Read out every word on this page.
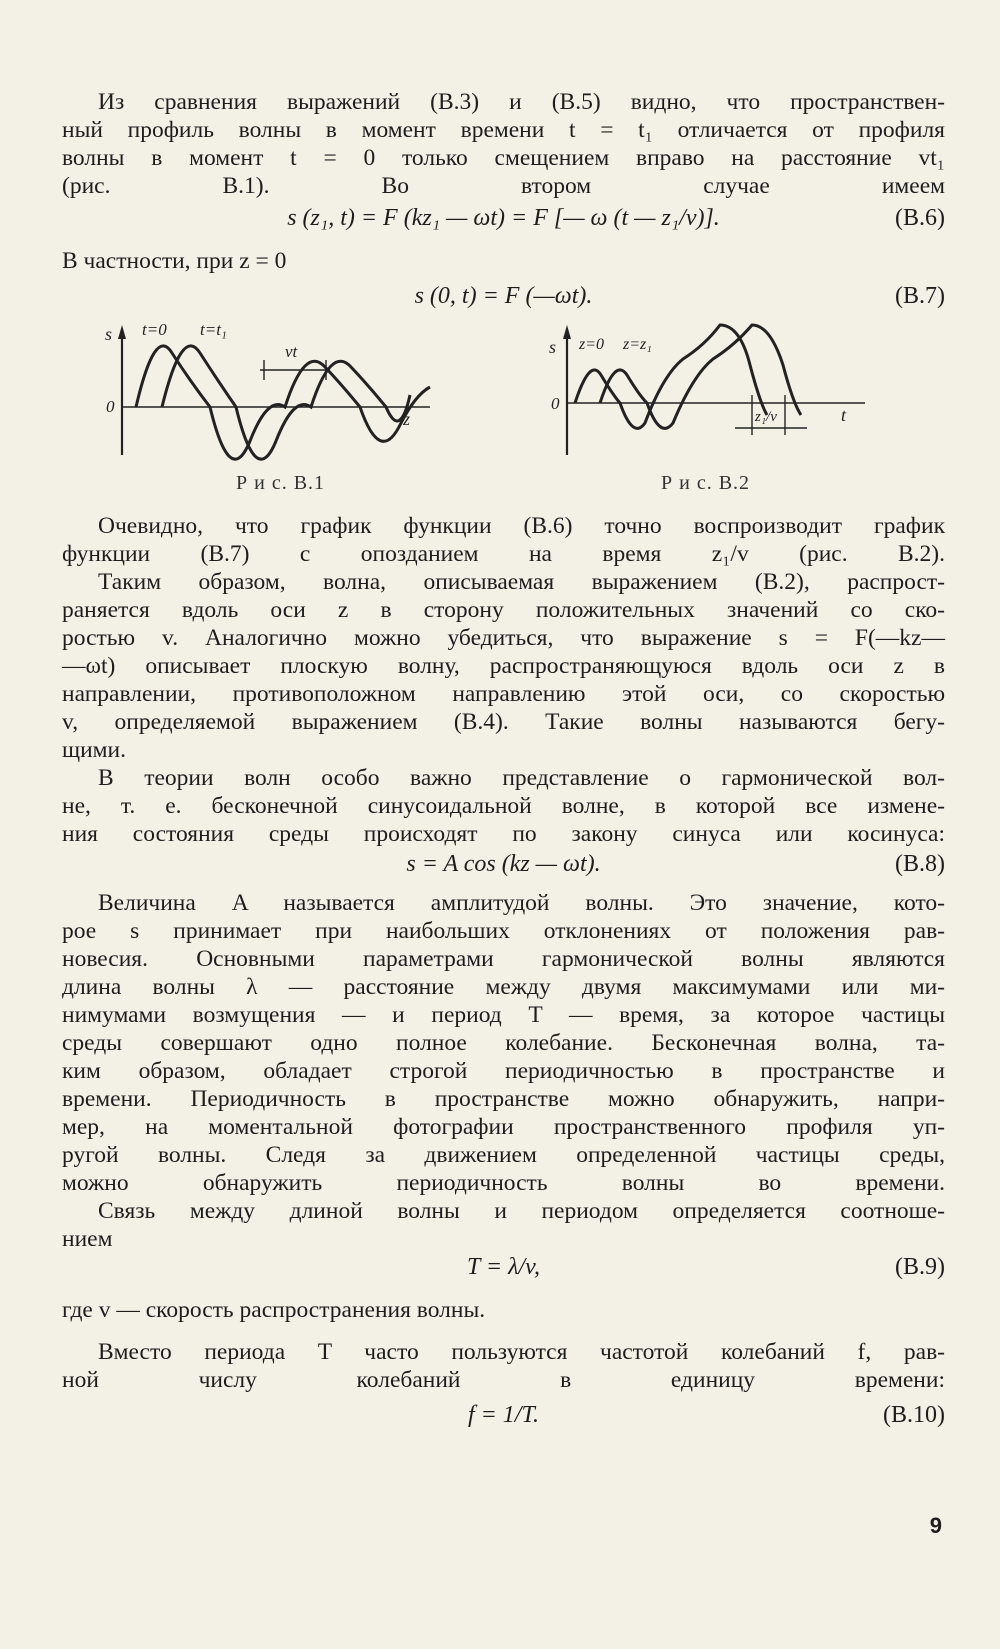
Из сравнения выражений (B.3) и (B.5) видно, что пространствен-
ный профиль волны в момент времени t = t₁ отличается от профиля
волны в момент t = 0 только смещением вправо на расстояние vt₁
(рис. B.1). Во втором случае имеем

s (z₁, t) = F (kz₁ — ωt) = F [— ω (t — z₁/v)].	(B.6)
В частности, при z = 0
s (0, t) = F (—ωt).	(B.7)
s
0
z
t=0 t=t₁
vt
Р и с. B.1
s
0
t
z=0 z=z₁
z₁/v
Р и с. B.2

Очевидно, что график функции (B.6) точно воспроизводит график
функции (B.7) с опозданием на время z₁/v (рис. B.2).

Таким образом, волна, описываемая выражением (B.2), распрост-
раняется вдоль оси z в сторону положительных значений со ско-
ростью v. Аналогично можно убедиться, что выражение s = F(—kz—
—ωt) описывает плоскую волну, распространяющуюся вдоль оси z в
направлении, противоположном направлению этой оси, со скоростью
v, определяемой выражением (B.4). Такие волны называются бегу-
щими.

В теории волн особо важно представление о гармонической вол-
не, т. е. бесконечной синусоидальной волне, в которой все измене-
ния состояния среды происходят по закону синуса или косинуса:

s = A cos (kz — ωt).	(B.8)

Величина A называется амплитудой волны. Это значение, кото-
рое s принимает при наибольших отклонениях от положения рав-
новесия. Основными параметрами гармонической волны являются
длина волны λ — расстояние между двумя максимумами или ми-
нимумами возмущения — и период T — время, за которое частицы
среды совершают одно полное колебание. Бесконечная волна, та-
ким образом, обладает строгой периодичностью в пространстве и
времени. Периодичность в пространстве можно обнаружить, напри-
мер, на моментальной фотографии пространственного профиля уп-
ругой волны. Следя за движением определенной частицы среды,
можно обнаружить периодичность волны во времени.

Связь между длиной волны и периодом определяется соотноше-
нием

T = λ/v,	(B.9)
где v — скорость распространения волны.

Вместо периода T часто пользуются частотой колебаний f, рав-
ной числу колебаний в единицу времени:

f = 1/T.	(B.10)
9
